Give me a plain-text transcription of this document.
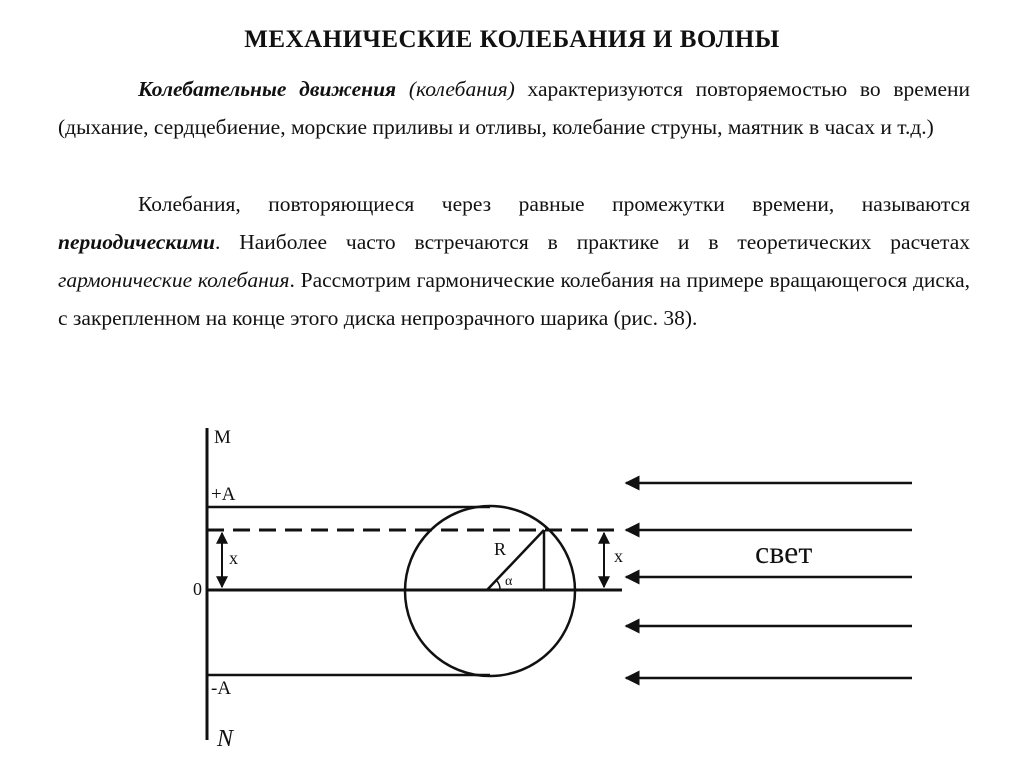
МЕХАНИЧЕСКИЕ КОЛЕБАНИЯ И ВОЛНЫ

Колебательные движения (колебания) характеризуются повторяемостью во времени (дыхание, сердцебиение, морские приливы и отливы, колебание струны, маятник в часах и т.д.)

Колебания, повторяющиеся через равные промежутки времени, называются периодическими. Наиболее часто встречаются в практике и в теоретических расчетах гармонические колебания. Рассмотрим гармонические колебания на примере вращающегося диска, с закрепленном на конце этого диска непрозрачного шарика (рис. 38).

M
N
+A
-A
0
x	x
R
α
свет
